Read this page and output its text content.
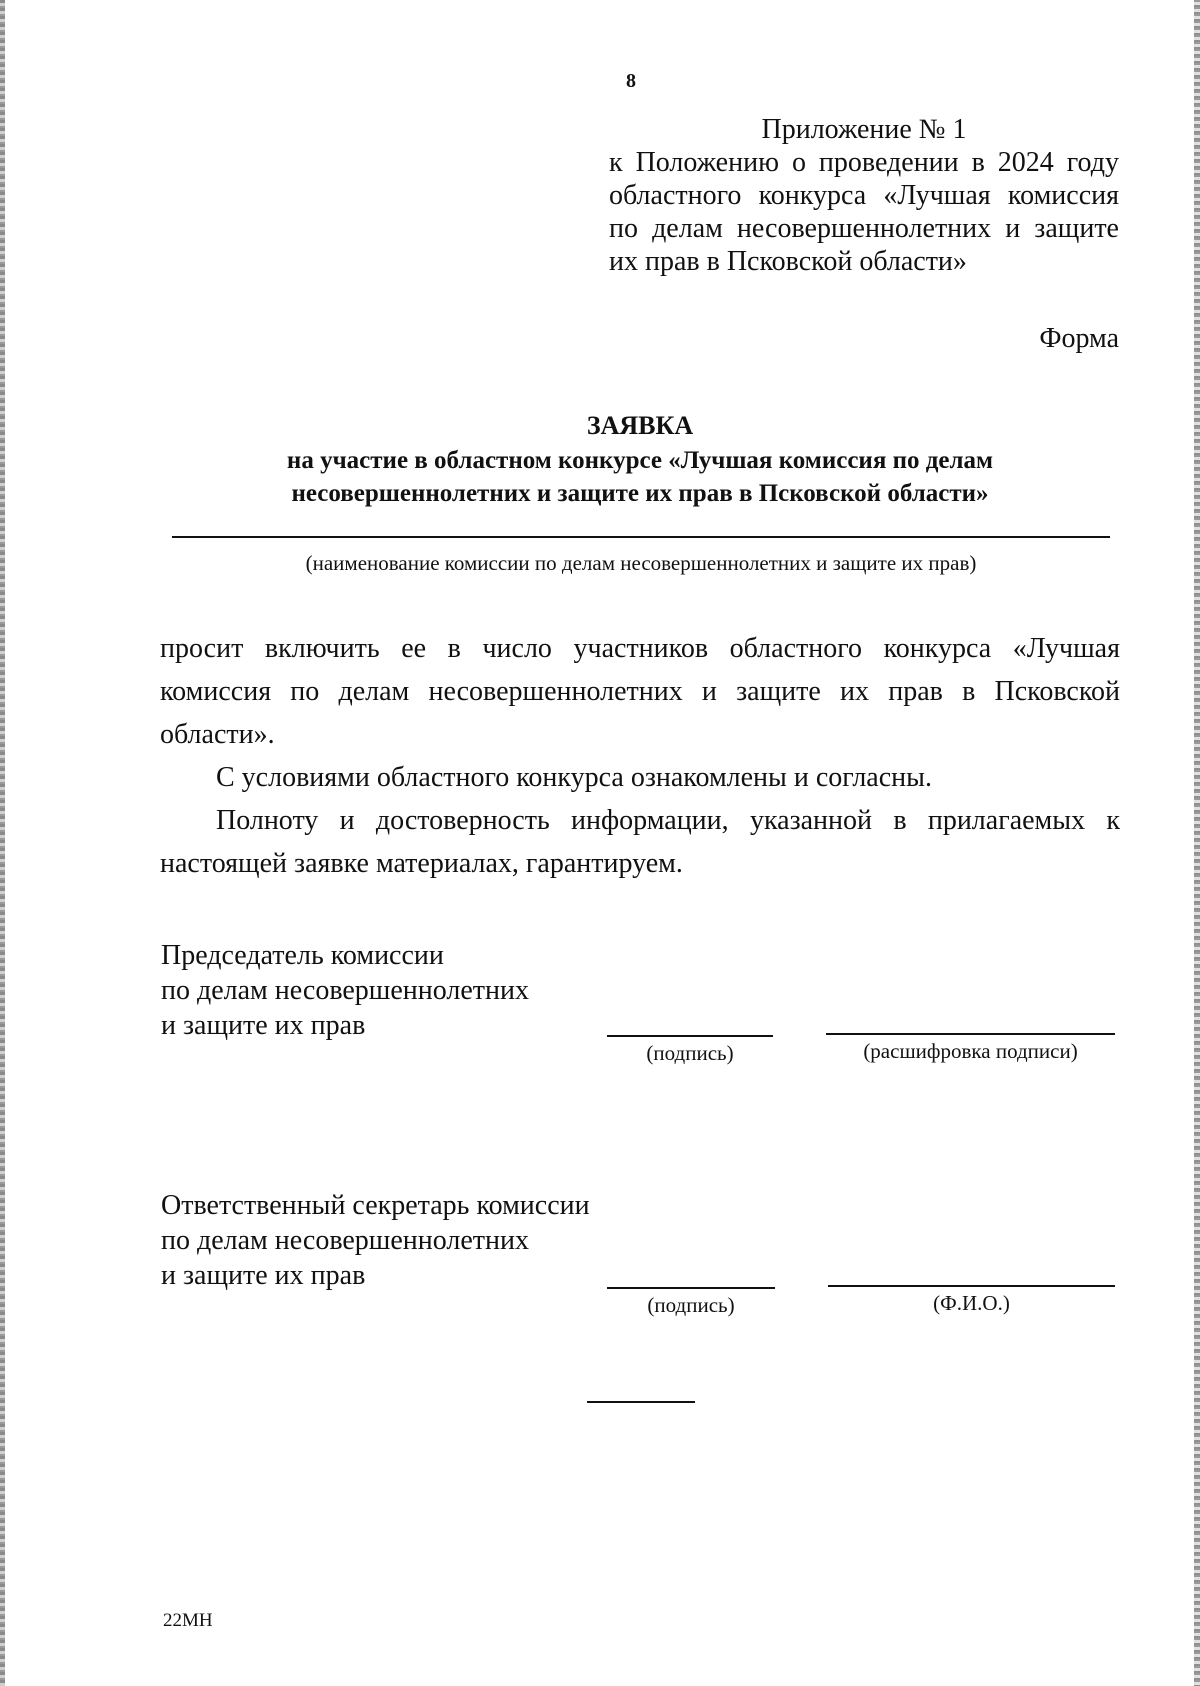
8
Приложение № 1
к Положению о проведении в 2024 году областного конкурса «Лучшая комиссия по делам несовершеннолетних и защите их прав в Псковской области»
Форма
ЗАЯВКА
на участие в областном конкурсе «Лучшая комиссия по делам
несовершеннолетних и защите их прав в Псковской области»
(наименование комиссии по делам несовершеннолетних и защите их прав)

просит включить ее в число участников областного конкурса «Лучшая комиссия по делам несовершеннолетних и защите их прав в Псковской области».

С условиями областного конкурса ознакомлены и согласны.

Полноту и достоверность информации, указанной в прилагаемых к настоящей заявке материалах, гарантируем.

Председатель комиссии
по делам несовершеннолетних
и защите их прав
(подпись)	(расшифровка подписи)
Ответственный секретарь комиссии
по делам несовершеннолетних
и защите их прав
(подпись)	(Ф.И.О.)
22МН
